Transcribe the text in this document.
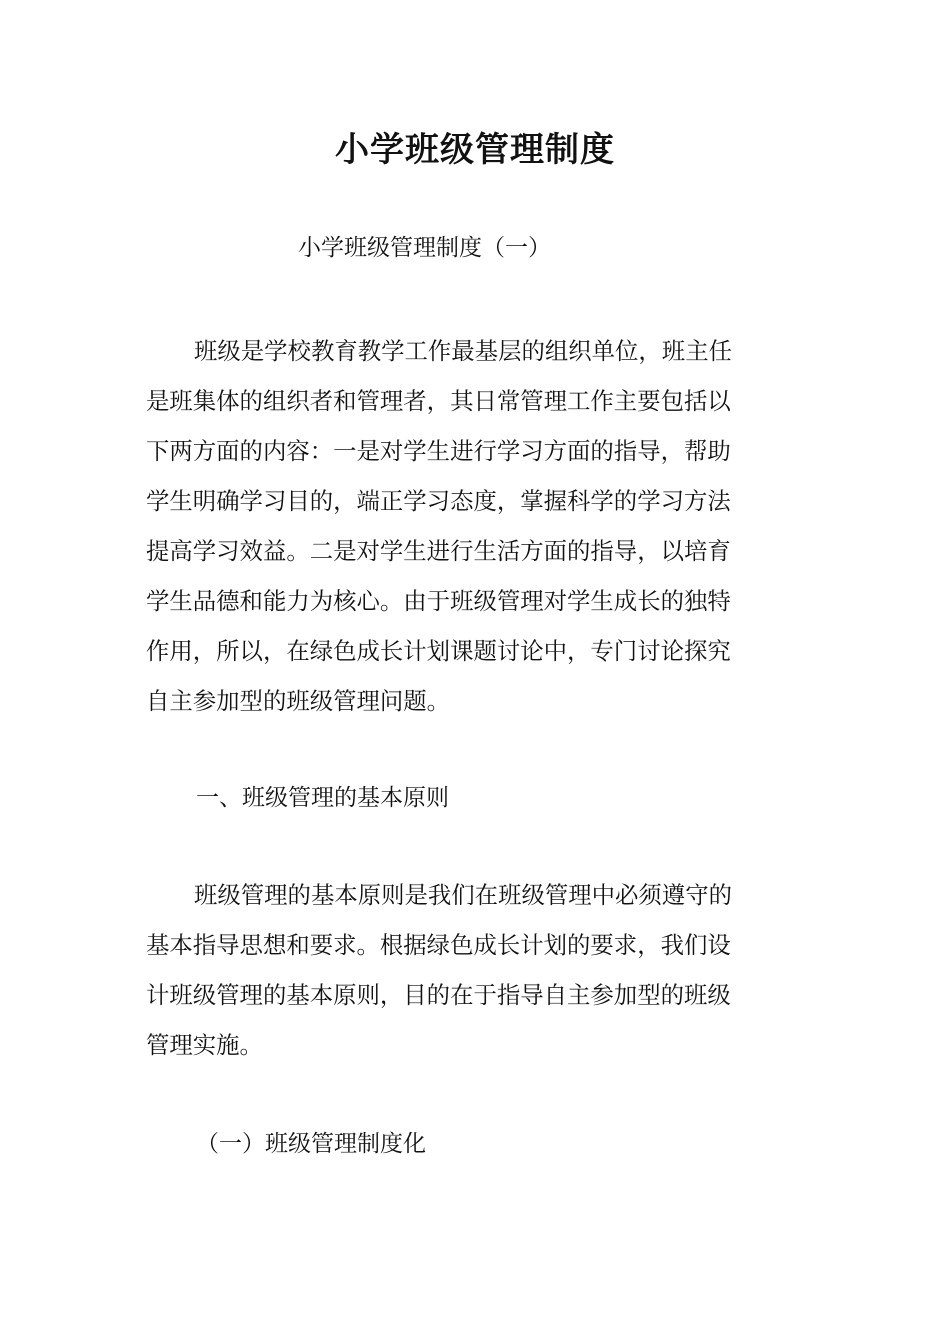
小学班级管理制度
小学班级管理制度（一）
班级是学校教育教学工作最基层的组织单位，班主任
是班集体的组织者和管理者，其日常管理工作主要包括以
下两方面的内容：一是对学生进行学习方面的指导，帮助
学生明确学习目的，端正学习态度，掌握科学的学习方法
提高学习效益。二是对学生进行生活方面的指导，以培育
学生品德和能力为核心。由于班级管理对学生成长的独特
作用，所以，在绿色成长计划课题讨论中，专门讨论探究
自主参加型的班级管理问题。
一、班级管理的基本原则
班级管理的基本原则是我们在班级管理中必须遵守的
基本指导思想和要求。根据绿色成长计划的要求，我们设
计班级管理的基本原则，目的在于指导自主参加型的班级
管理实施。
（一）班级管理制度化
